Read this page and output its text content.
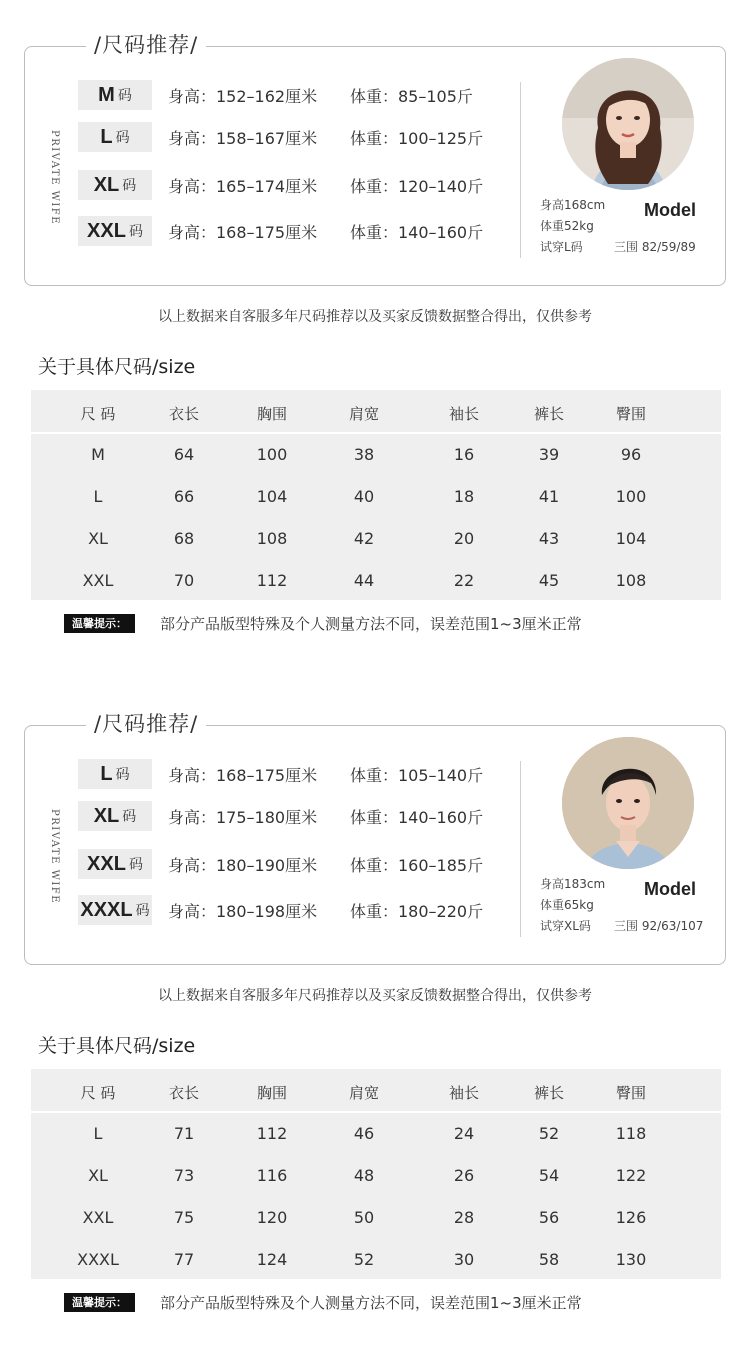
/尺码推荐/
PRIVATE WIFE
M 码 身高：152–162厘米 体重：85–105斤
L 码 身高：158–167厘米 体重：100–125斤
XL 码 身高：165–174厘米 体重：120–140斤
XXL 码 身高：168–175厘米 体重：140–160斤
Model
身高168cm
体重52kg
试穿L码	三围 82/59/89
以上数据来自客服多年尺码推荐以及买家反馈数据整合得出，仅供参考
关于具体尺码/size
尺 码	衣长	胸围	肩宽	袖长	裤长	臀围
M	64	100	38	16	39	96
L	66	104	40	18	41	100
XL	68	108	42	20	43	104
XXL	70	112	44	22	45	108
温馨提示：	部分产品版型特殊及个人测量方法不同，误差范围1~3厘米正常
/尺码推荐/
PRIVATE WIFE
L 码 身高：168–175厘米 体重：105–140斤
XL 码 身高：175–180厘米 体重：140–160斤
XXL 码 身高：180–190厘米 体重：160–185斤
XXXL 码 身高：180–198厘米 体重：180–220斤
Model
身高183cm
体重65kg
试穿XL码 三围 92/63/107
以上数据来自客服多年尺码推荐以及买家反馈数据整合得出，仅供参考
关于具体尺码/size
尺 码	衣长	胸围	肩宽	袖长	裤长	臀围
L	71	112	46	24	52	118
XL	73	116	48	26	54	122
XXL	75	120	50	28	56	126
XXXL	77	124	52	30	58	130
温馨提示：	部分产品版型特殊及个人测量方法不同，误差范围1~3厘米正常
